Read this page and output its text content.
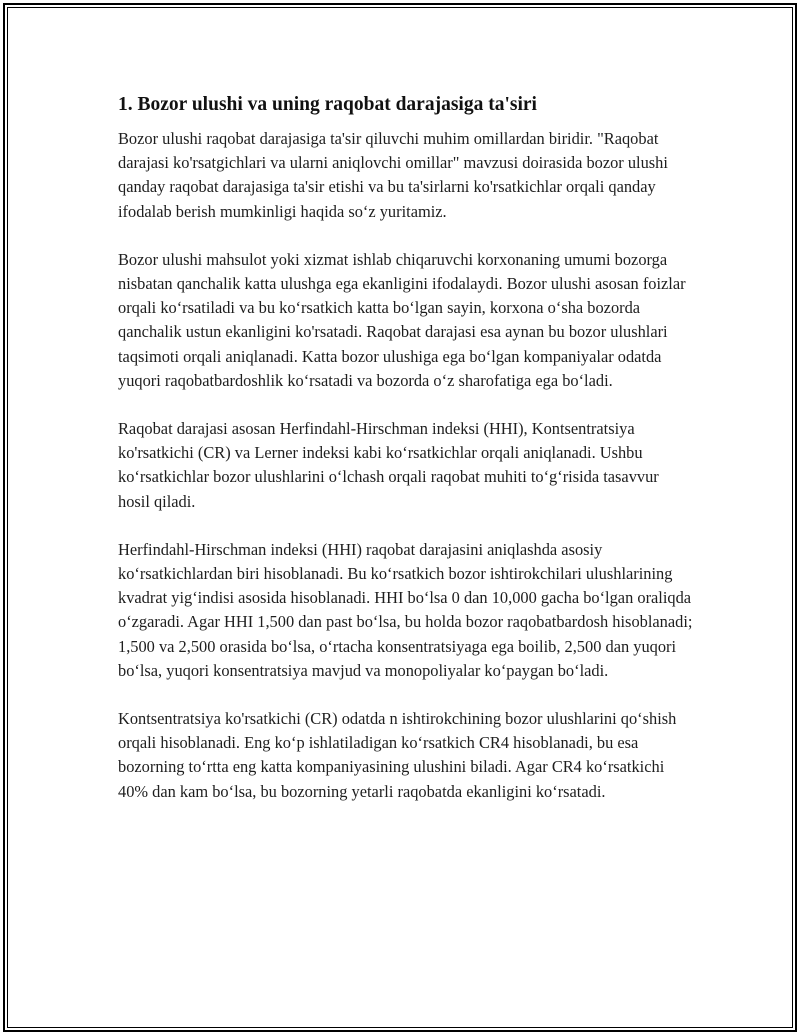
1. Bozor ulushi va uning raqobat darajasiga ta'siri

Bozor ulushi raqobat darajasiga ta'sir qiluvchi muhim omillardan biridir. "Raqobat darajasi ko'rsatgichlari va ularni aniqlovchi omillar" mavzusi doirasida bozor ulushi qanday raqobat darajasiga ta'sir etishi va bu ta'sirlarni ko'rsatkichlar orqali qanday ifodalab berish mumkinligi haqida so‘z yuritamiz.

Bozor ulushi mahsulot yoki xizmat ishlab chiqaruvchi korxonaning umumi bozorga nisbatan qanchalik katta ulushga ega ekanligini ifodalaydi. Bozor ulushi asosan foizlar orqali ko‘rsatiladi va bu ko‘rsatkich katta bo‘lgan sayin, korxona o‘sha bozorda qanchalik ustun ekanligini ko'rsatadi. Raqobat darajasi esa aynan bu bozor ulushlari taqsimoti orqali aniqlanadi. Katta bozor ulushiga ega bo‘lgan kompaniyalar odatda yuqori raqobatbardoshlik ko‘rsatadi va bozorda o‘z sharofatiga ega bo‘ladi.

Raqobat darajasi asosan Herfindahl-Hirschman indeksi (HHI), Kontsentratsiya ko'rsatkichi (CR) va Lerner indeksi kabi ko‘rsatkichlar orqali aniqlanadi. Ushbu ko‘rsatkichlar bozor ulushlarini o‘lchash orqali raqobat muhiti to‘g‘risida tasavvur hosil qiladi.

Herfindahl-Hirschman indeksi (HHI) raqobat darajasini aniqlashda asosiy ko‘rsatkichlardan biri hisoblanadi. Bu ko‘rsatkich bozor ishtirokchilari ulushlarining kvadrat yig‘indisi asosida hisoblanadi. HHI bo‘lsa 0 dan 10,000 gacha bo‘lgan oraliqda o‘zgaradi. Agar HHI 1,500 dan past bo‘lsa, bu holda bozor raqobatbardosh hisoblanadi; 1,500 va 2,500 orasida bo‘lsa, o‘rtacha konsentratsiyaga ega boilib, 2,500 dan yuqori bo‘lsa, yuqori konsentratsiya mavjud va monopoliyalar ko‘paygan bo‘ladi.

Kontsentratsiya ko'rsatkichi (CR) odatda n ishtirokchining bozor ulushlarini qo‘shish orqali hisoblanadi. Eng ko‘p ishlatiladigan ko‘rsatkich CR4 hisoblanadi, bu esa bozorning to‘rtta eng katta kompaniyasining ulushini biladi. Agar CR4 ko‘rsatkichi 40% dan kam bo‘lsa, bu bozorning yetarli raqobatda ekanligini ko‘rsatadi.
